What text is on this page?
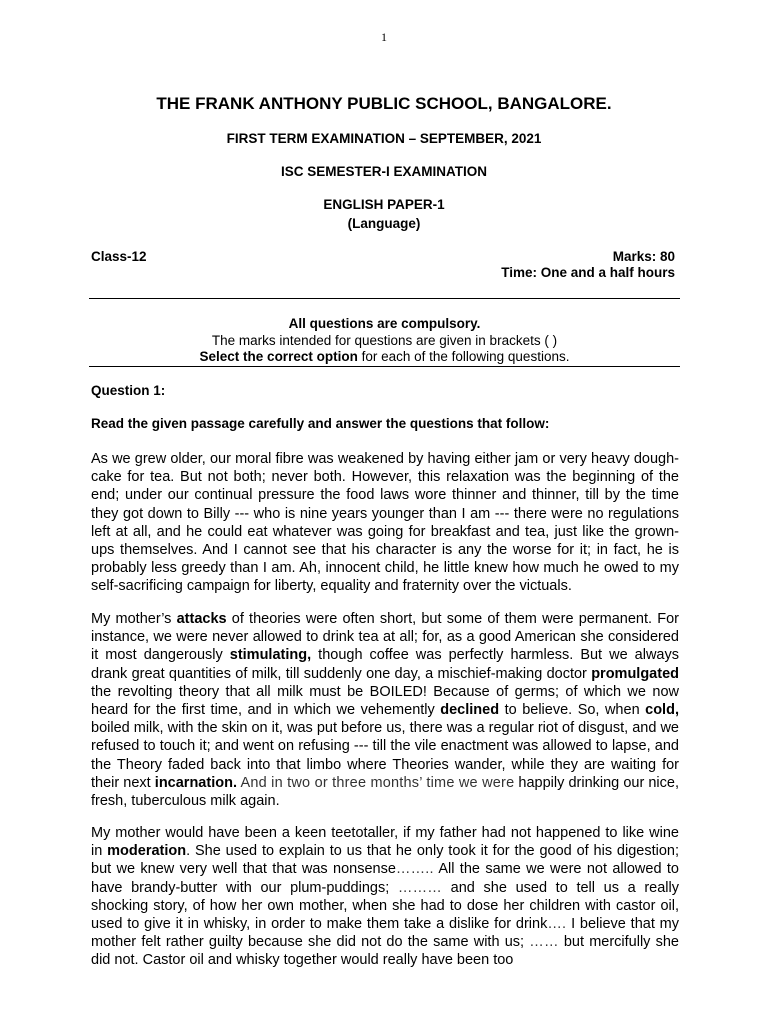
1
THE FRANK ANTHONY PUBLIC SCHOOL, BANGALORE.
FIRST TERM EXAMINATION – SEPTEMBER, 2021
ISC SEMESTER-I EXAMINATION
ENGLISH PAPER-1
(Language)
Class-12	Marks: 80
Time: One and a half hours
All questions are compulsory.
The marks intended for questions are given in brackets ( )
Select the correct option for each of the following questions.
Question 1:
Read the given passage carefully and answer the questions that follow:

As we grew older, our moral fibre was weakened by having either jam or very heavy dough-cake for tea. But not both; never both. However, this relaxation was the beginning of the end; under our continual pressure the food laws wore thinner and thinner, till by the time they got down to Billy --- who is nine years younger than I am --- there were no regulations left at all, and he could eat whatever was going for breakfast and tea, just like the grown-ups themselves. And I cannot see that his character is any the worse for it; in fact, he is probably less greedy than I am. Ah, innocent child, he little knew how much he owed to my self-sacrificing campaign for liberty, equality and fraternity over the victuals.

My mother’s attacks of theories were often short, but some of them were permanent. For instance, we were never allowed to drink tea at all; for, as a good American she considered it most dangerously stimulating, though coffee was perfectly harmless. But we always drank great quantities of milk, till suddenly one day, a mischief-making doctor promulgated the revolting theory that all milk must be BOILED! Because of germs; of which we now heard for the first time, and in which we vehemently declined to believe. So, when cold, boiled milk, with the skin on it, was put before us, there was a regular riot of disgust, and we refused to touch it; and went on refusing --- till the vile enactment was allowed to lapse, and the Theory faded back into that limbo where Theories wander, while they are waiting for their next incarnation. And in two or three months’ time we were happily drinking our nice, fresh, tuberculous milk again.

My mother would have been a keen teetotaller, if my father had not happened to like wine in moderation. She used to explain to us that he only took it for the good of his digestion; but we knew very well that that was nonsense…….. All the same we were not allowed to have brandy-butter with our plum-puddings; ……… and she used to tell us a really shocking story, of how her own mother, when she had to dose her children with castor oil, used to give it in whisky, in order to make them take a dislike for drink…. I believe that my mother felt rather guilty because she did not do the same with us; …… but mercifully she did not. Castor oil and whisky together would really have been too
